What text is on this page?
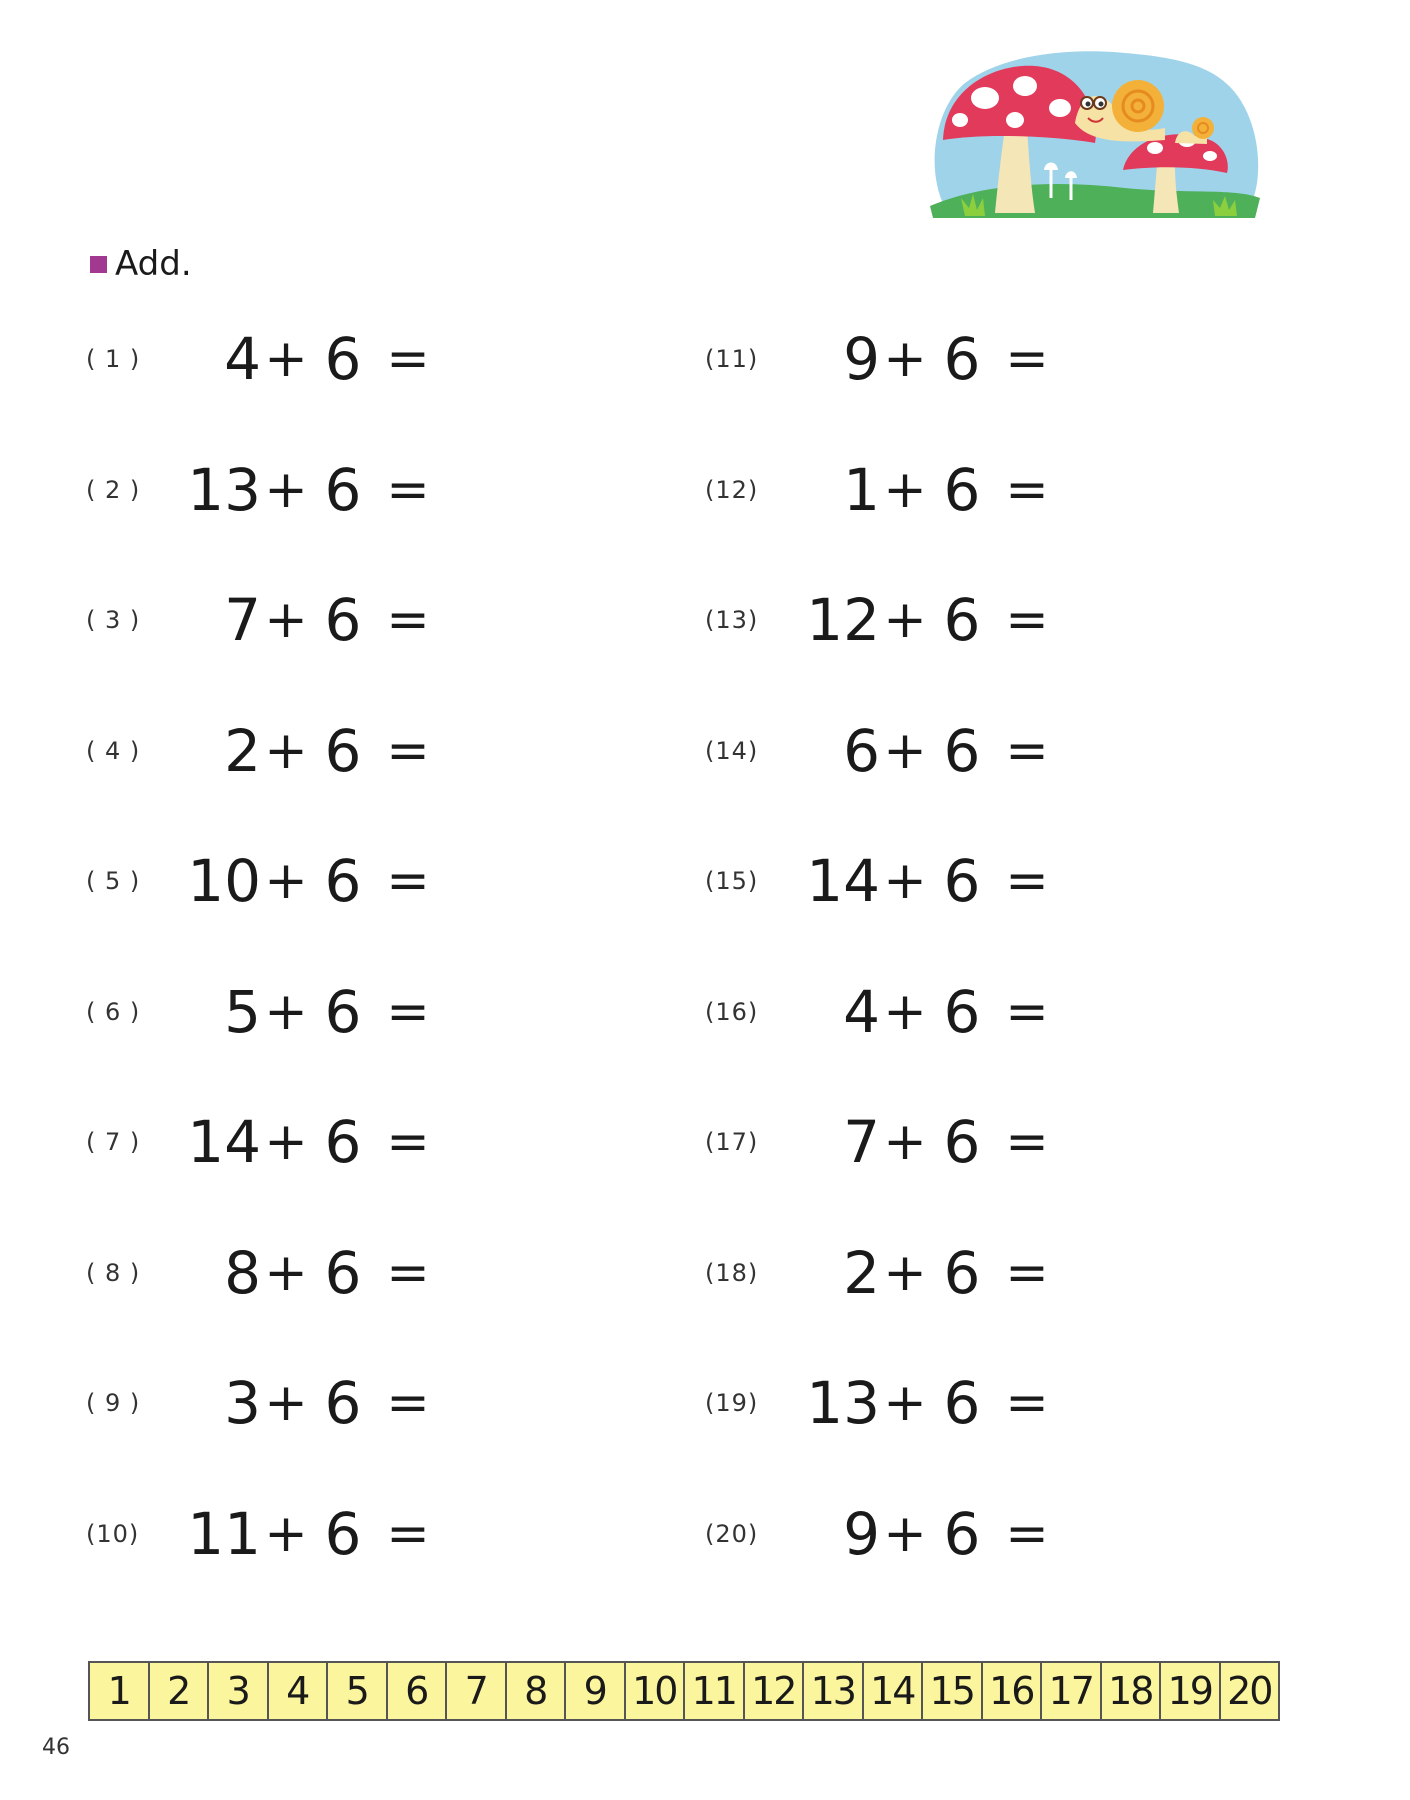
Add.
( 1 )	4 + 6 =
( 2 ) 13 + 6 =
( 3 )	7 + 6 =
( 4 )	2 + 6 =
( 5 ) 10 + 6 =
( 6 )	5 + 6 =
( 7 ) 14 + 6 =
( 8 )	8 + 6 =
( 9 )	3 + 6 =
(10) 11 + 6 =
(11)	9 + 6 =
(12)	1 + 6 =
(13) 12 + 6 =
(14)	6 + 6 =
(15) 14 + 6 =
(16)	4 + 6 =
(17)	7 + 6 =
(18)	2 + 6 =
(19) 13 + 6 =
(20)	9 + 6 =
1 2 3 4 5 6 7 8 9 10 11 12 13 14 15 16 17 18 19 20
46
